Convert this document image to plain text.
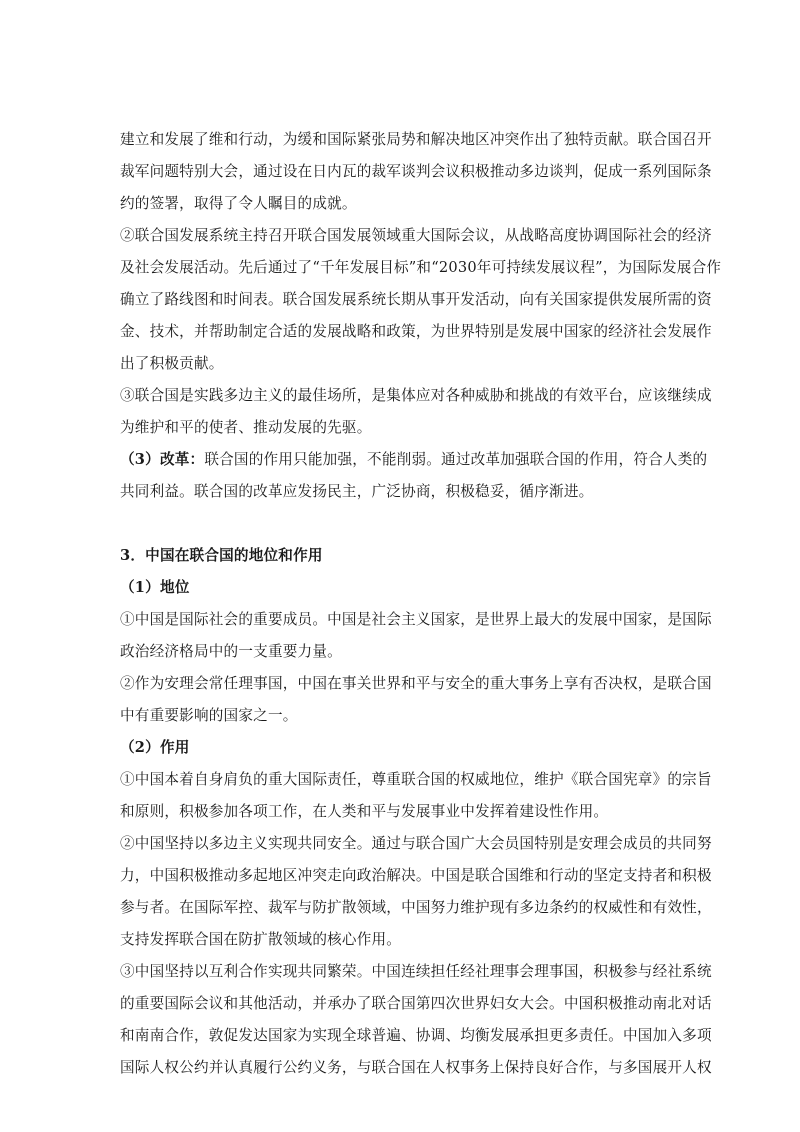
建立和发展了维和行动，为缓和国际紧张局势和解决地区冲突作出了独特贡献。联合国召开
裁军问题特别大会，通过设在日内瓦的裁军谈判会议积极推动多边谈判，促成一系列国际条
约的签署，取得了令人瞩目的成就。
②联合国发展系统主持召开联合国发展领域重大国际会议，从战略高度协调国际社会的经济
及社会发展活动。先后通过了“千年发展目标”和“2030年可持续发展议程”，为国际发展合作
确立了路线图和时间表。联合国发展系统长期从事开发活动，向有关国家提供发展所需的资
金、技术，并帮助制定合适的发展战略和政策，为世界特别是发展中国家的经济社会发展作
出了积极贡献。
③联合国是实践多边主义的最佳场所，是集体应对各种威胁和挑战的有效平台，应该继续成
为维护和平的使者、推动发展的先驱。
（3）改革：联合国的作用只能加强，不能削弱。通过改革加强联合国的作用，符合人类的
共同利益。联合国的改革应发扬民主，广泛协商，积极稳妥，循序渐进。
3．中国在联合国的地位和作用
（1）地位
①中国是国际社会的重要成员。中国是社会主义国家，是世界上最大的发展中国家，是国际
政治经济格局中的一支重要力量。
②作为安理会常任理事国，中国在事关世界和平与安全的重大事务上享有否决权，是联合国
中有重要影响的国家之一。
（2）作用
①中国本着自身肩负的重大国际责任，尊重联合国的权威地位，维护《联合国宪章》的宗旨
和原则，积极参加各项工作，在人类和平与发展事业中发挥着建设性作用。
②中国坚持以多边主义实现共同安全。通过与联合国广大会员国特别是安理会成员的共同努
力，中国积极推动多起地区冲突走向政治解决。中国是联合国维和行动的坚定支持者和积极
参与者。在国际军控、裁军与防扩散领域，中国努力维护现有多边条约的权威性和有效性，
支持发挥联合国在防扩散领域的核心作用。
③中国坚持以互利合作实现共同繁荣。中国连续担任经社理事会理事国，积极参与经社系统
的重要国际会议和其他活动，并承办了联合国第四次世界妇女大会。中国积极推动南北对话
和南南合作，敦促发达国家为实现全球普遍、协调、均衡发展承担更多责任。中国加入多项
国际人权公约并认真履行公约义务，与联合国在人权事务上保持良好合作，与多国展开人权
